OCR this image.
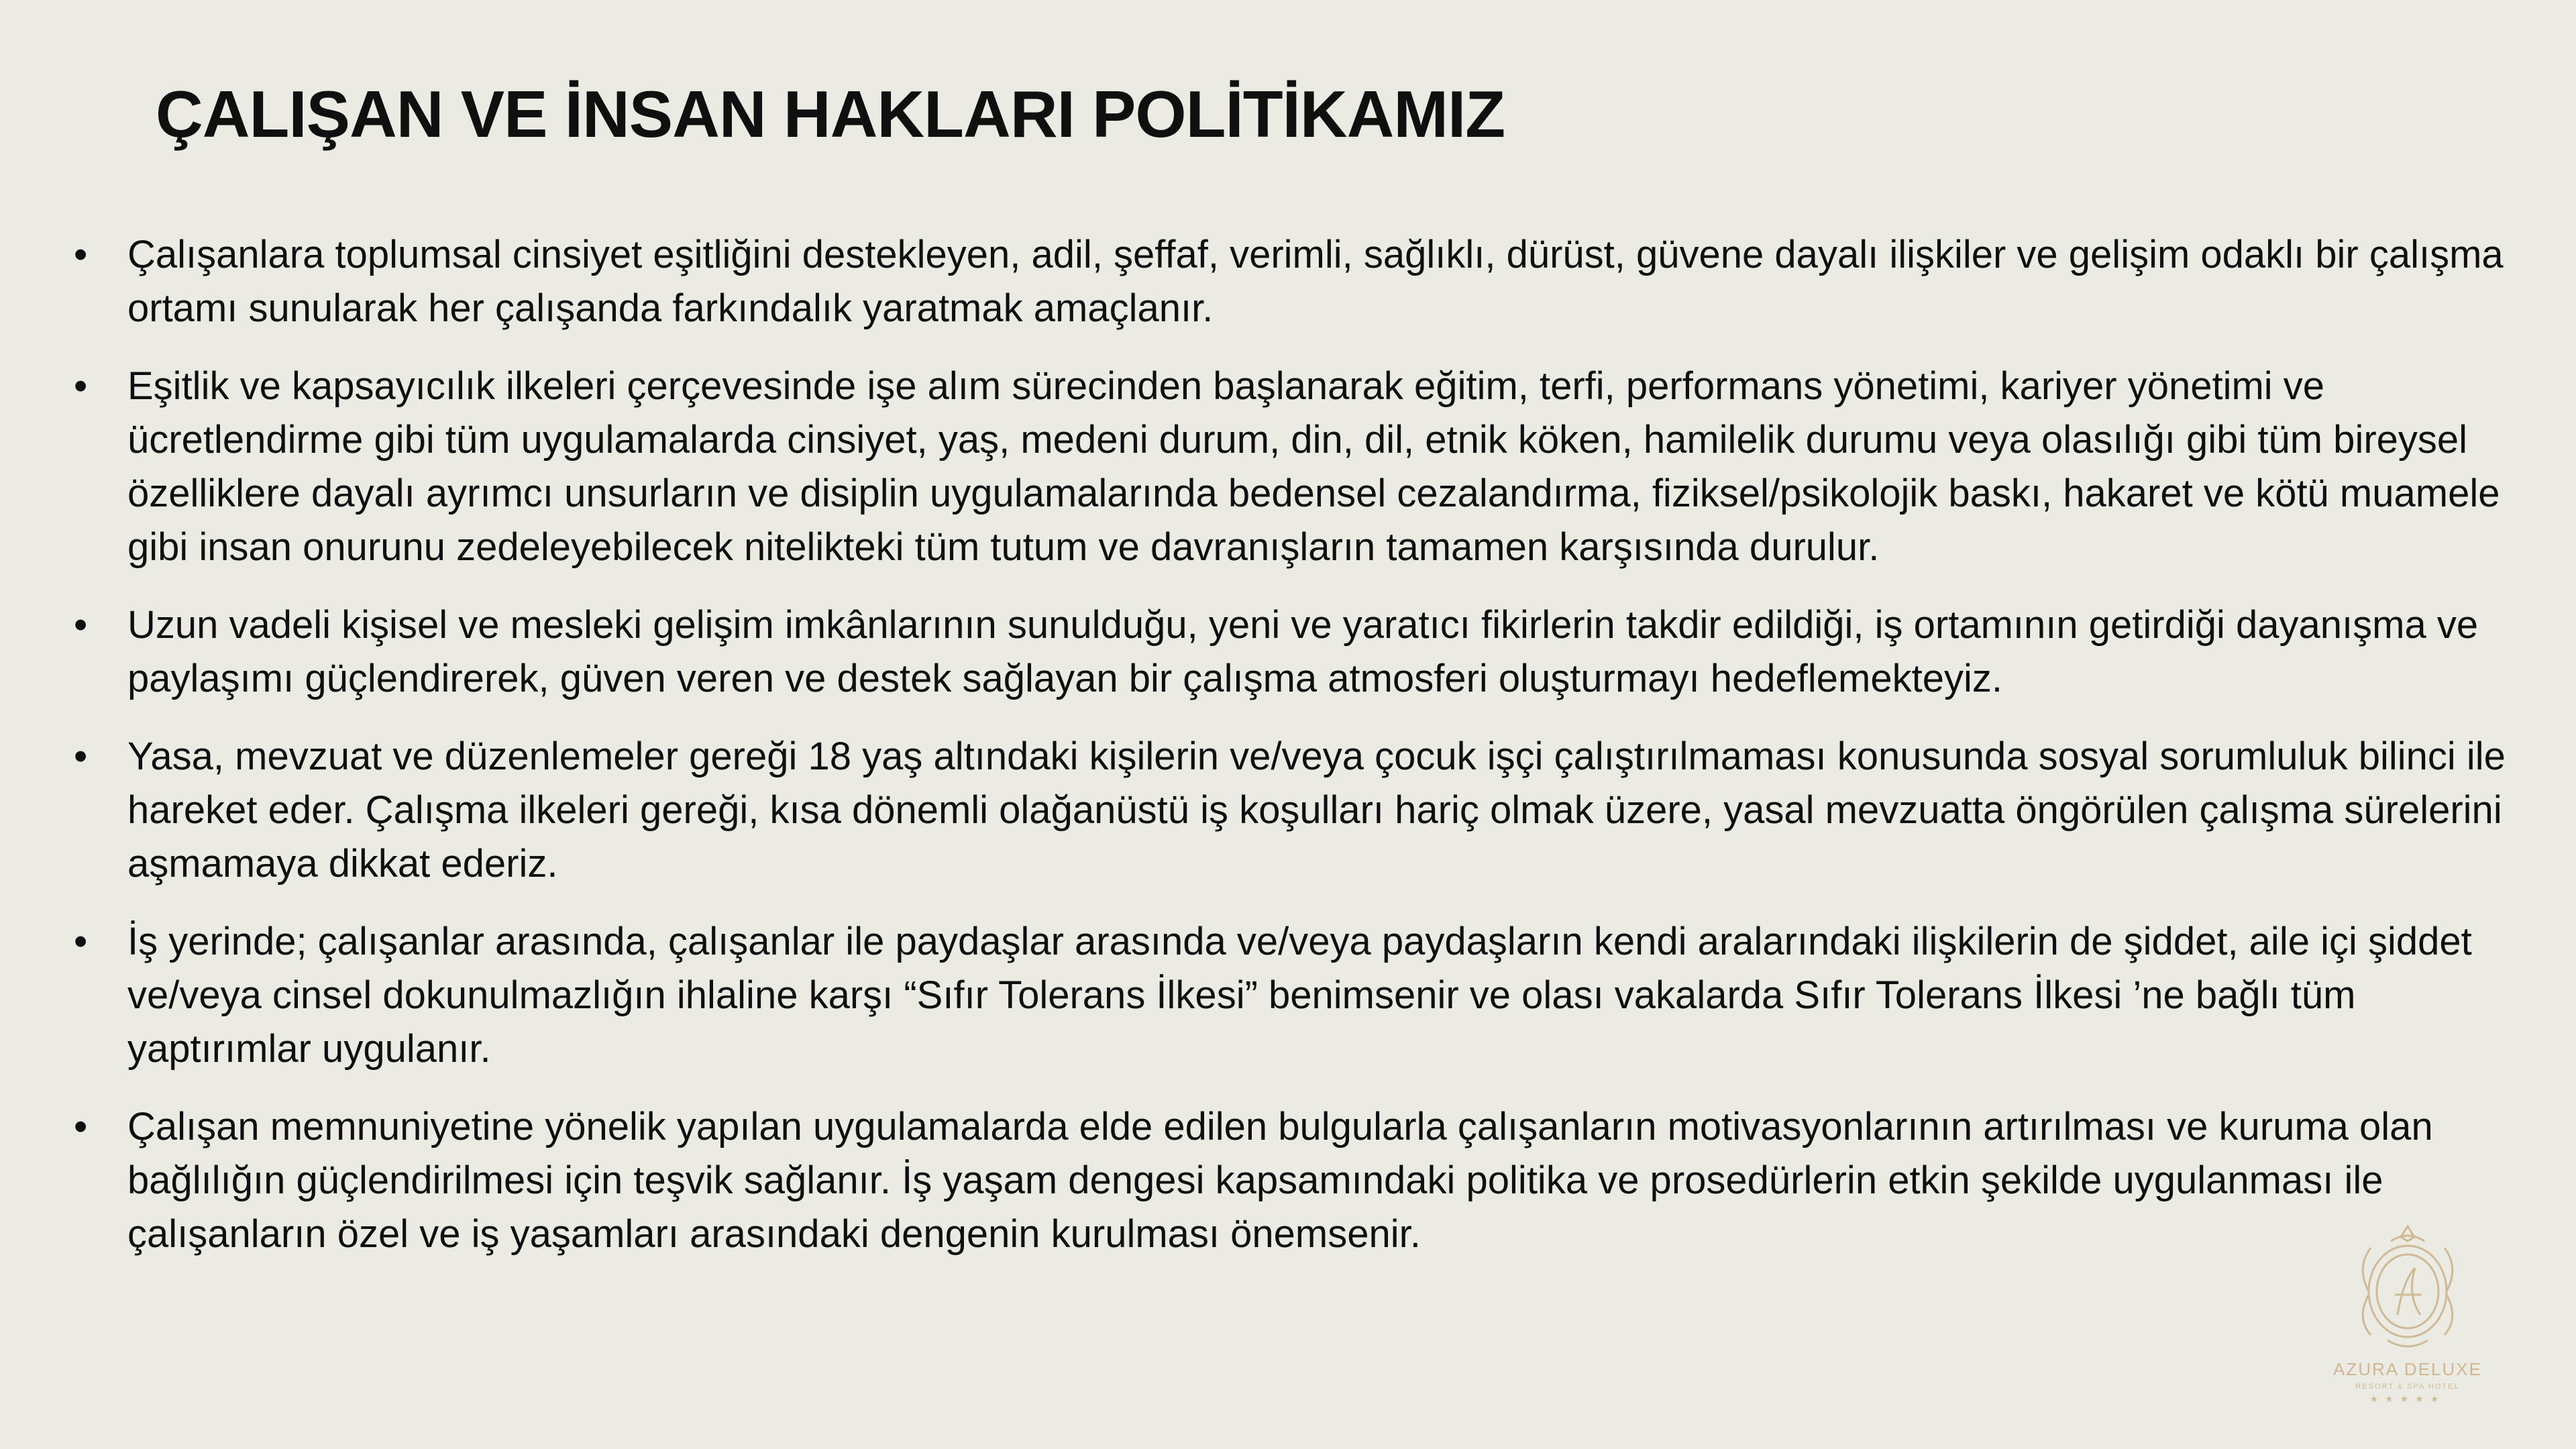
ÇALIŞAN VE İNSAN HAKLARI POLİTİKAMIZ
• Çalışanlara toplumsal cinsiyet eşitliğini destekleyen, adil, şeffaf, verimli, sağlıklı, dürüst, güvene dayalı ilişkiler ve gelişim odaklı bir çalışma ortamı sunularak her çalışanda farkındalık yaratmak amaçlanır.
• Eşitlik ve kapsayıcılık ilkeleri çerçevesinde işe alım sürecinden başlanarak eğitim, terfi, performans yönetimi, kariyer yönetimi ve ücretlendirme gibi tüm uygulamalarda cinsiyet, yaş, medeni durum, din, dil, etnik köken, hamilelik durumu veya olasılığı gibi tüm bireysel özelliklere dayalı ayrımcı unsurların ve disiplin uygulamalarında bedensel cezalandırma, fiziksel/psikolojik baskı, hakaret ve kötü muamele gibi insan onurunu zedeleyebilecek nitelikteki tüm tutum ve davranışların tamamen karşısında durulur.
• Uzun vadeli kişisel ve mesleki gelişim imkânlarının sunulduğu, yeni ve yaratıcı fikirlerin takdir edildiği, iş ortamının getirdiği dayanışma ve paylaşımı güçlendirerek, güven veren ve destek sağlayan bir çalışma atmosferi oluşturmayı hedeflemekteyiz.
• Yasa, mevzuat ve düzenlemeler gereği 18 yaş altındaki kişilerin ve/veya çocuk işçi çalıştırılmaması konusunda sosyal sorumluluk bilinci ile hareket eder. Çalışma ilkeleri gereği, kısa dönemli olağanüstü iş koşulları hariç olmak üzere, yasal mevzuatta öngörülen çalışma sürelerini aşmamaya dikkat ederiz.
• İş yerinde; çalışanlar arasında, çalışanlar ile paydaşlar arasında ve/veya paydaşların kendi aralarındaki ilişkilerin de şiddet, aile içi şiddet ve/veya cinsel dokunulmazlığın ihlaline karşı “Sıfır Tolerans İlkesi” benimsenir ve olası vakalarda Sıfır Tolerans İlkesi ’ne bağlı tüm yaptırımlar uygulanır.
• Çalışan memnuniyetine yönelik yapılan uygulamalarda elde edilen bulgularla çalışanların motivasyonlarının artırılması ve kuruma olan bağlılığın güçlendirilmesi için teşvik sağlanır. İş yaşam dengesi kapsamındaki politika ve prosedürlerin etkin şekilde uygulanması ile çalışanların özel ve iş yaşamları arasındaki dengenin kurulması önemsenir.
AZURA DELUXE
RESORT & SPA HOTEL
★★★★★
